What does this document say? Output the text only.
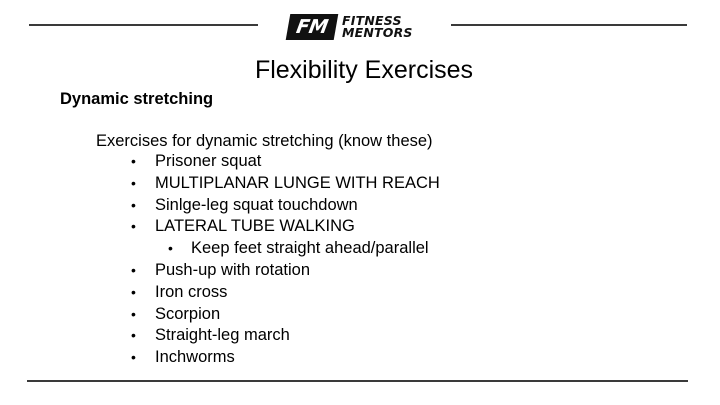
FM	FITNESS
MENTORS
Flexibility Exercises
Dynamic stretching
Exercises for dynamic stretching (know these)
• Prisoner squat
• MULTIPLANAR LUNGE WITH REACH
• Sinlge-leg squat touchdown
• LATERAL TUBE WALKING
• Keep feet straight ahead/parallel
• Push-up with rotation
• Iron cross
• Scorpion
• Straight-leg march
• Inchworms
